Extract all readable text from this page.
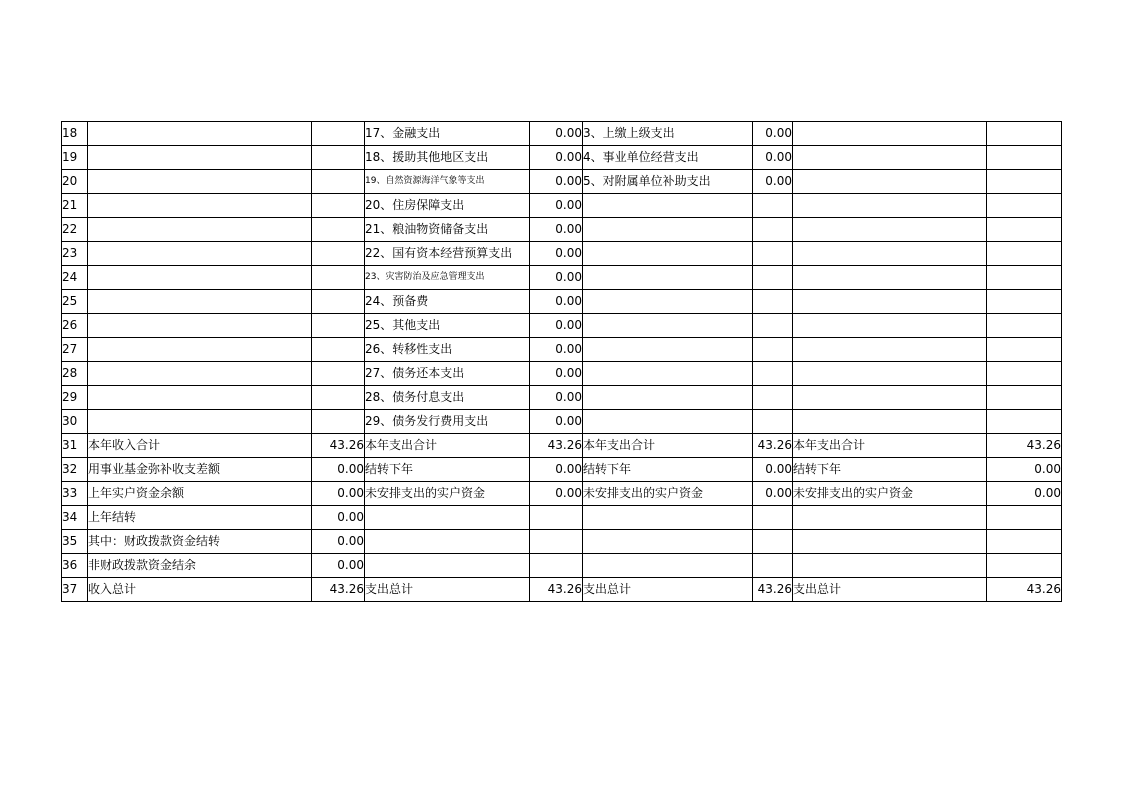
18			17、金融支出	0.00	3、上缴上级支出	0.00		
19			18、援助其他地区支出	0.00	4、事业单位经营支出	0.00		
20			19、自然资源海洋气象等支出	0.00	5、对附属单位补助支出	0.00		
21			20、住房保障支出	0.00				
22			21、粮油物资储备支出	0.00				
23			22、国有资本经营预算支出	0.00				
24			23、灾害防治及应急管理支出	0.00				
25			24、预备费	0.00				
26			25、其他支出	0.00				
27			26、转移性支出	0.00				
28			27、债务还本支出	0.00				
29			28、债务付息支出	0.00				
30			29、债务发行费用支出	0.00				
31	本年收入合计	43.26	本年支出合计	43.26	本年支出合计	43.26	本年支出合计	43.26
32	用事业基金弥补收支差额	0.00	结转下年	0.00	结转下年	0.00	结转下年	0.00
33	上年实户资金余额	0.00	未安排支出的实户资金	0.00	未安排支出的实户资金	0.00	未安排支出的实户资金	0.00
34	上年结转	0.00						
35	其中：财政拨款资金结转	0.00						
36	非财政拨款资金结余	0.00						
37	收入总计	43.26	支出总计	43.26	支出总计	43.26	支出总计	43.26
